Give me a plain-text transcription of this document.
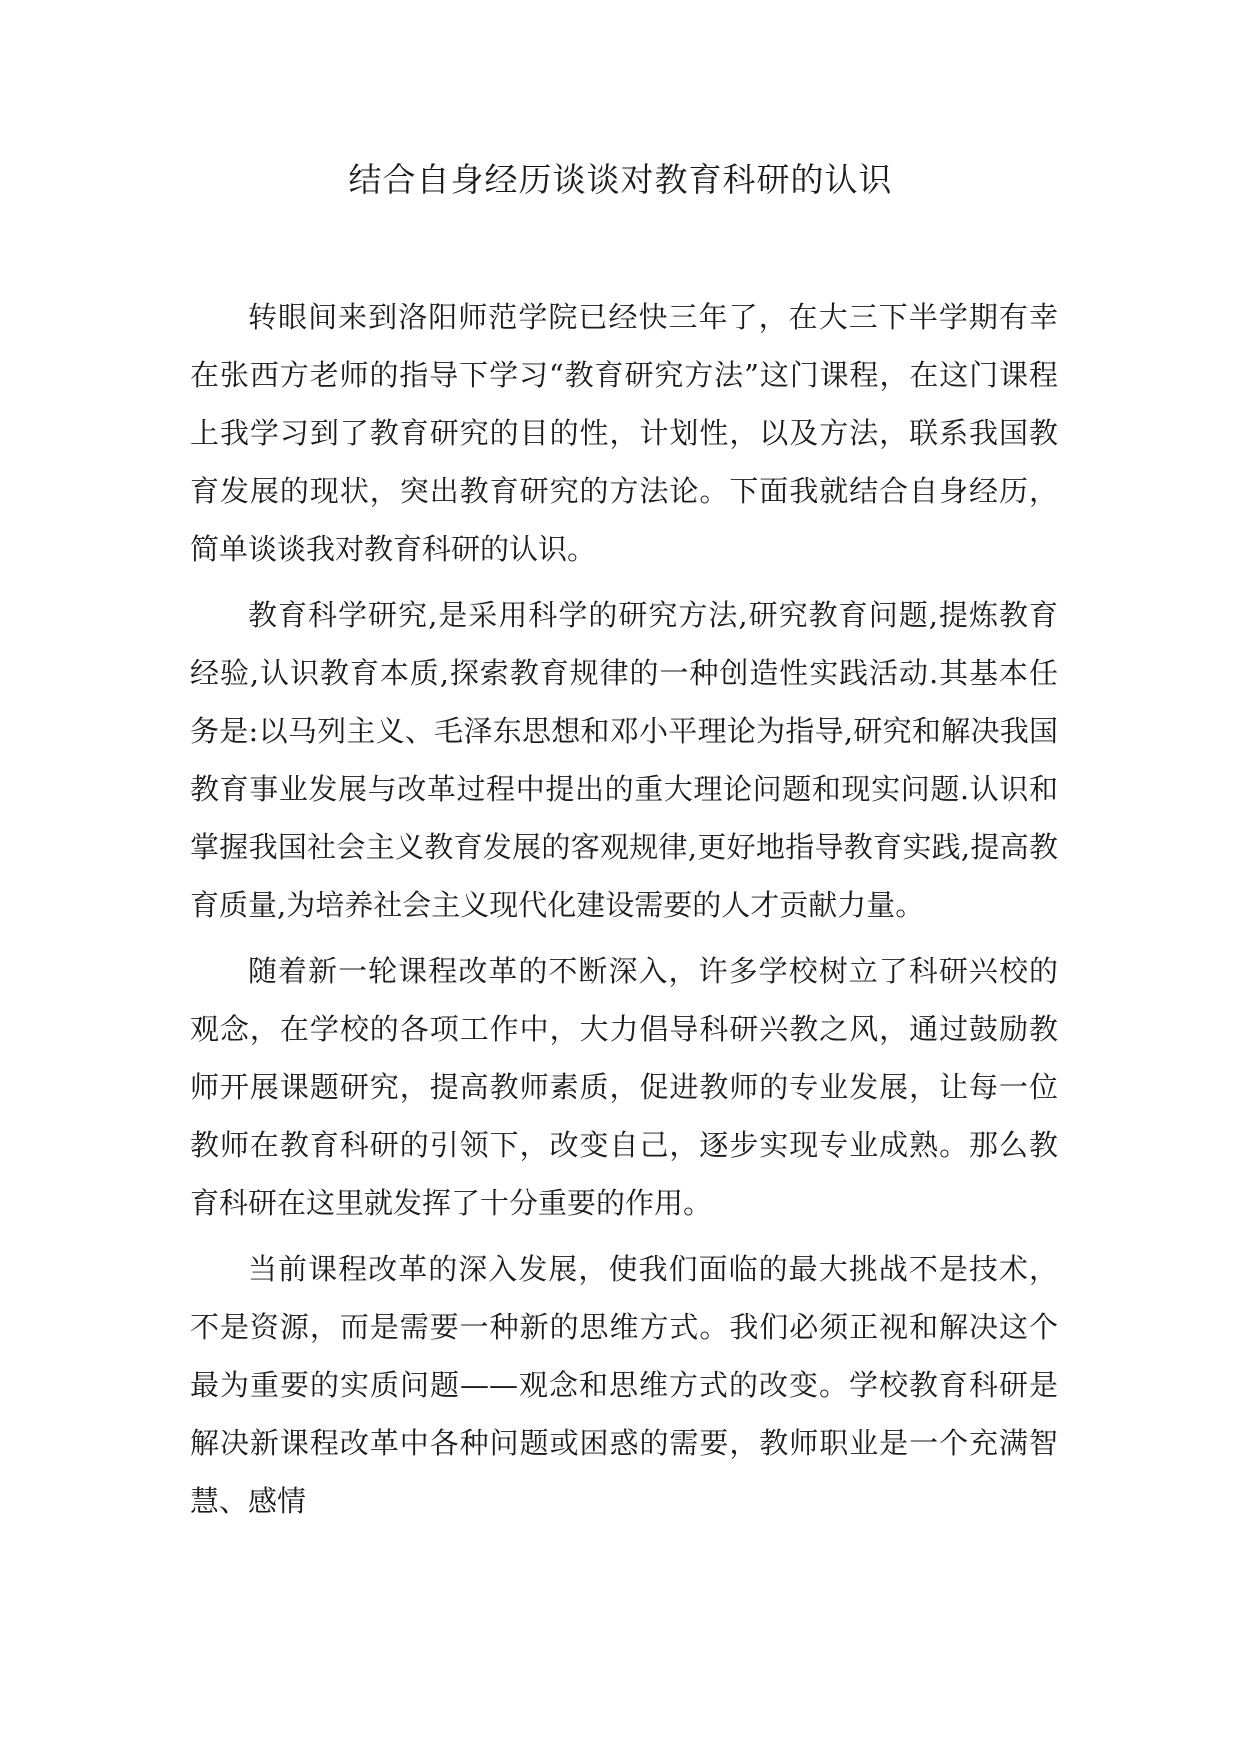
结合自身经历谈谈对教育科研的认识

转眼间来到洛阳师范学院已经快三年了，在大三下半学期有幸在张西方老师的指导下学习“教育研究方法”这门课程，在这门课程上我学习到了教育研究的目的性，计划性，以及方法，联系我国教育发展的现状，突出教育研究的方法论。下面我就结合自身经历，简单谈谈我对教育科研的认识。

教育科学研究,是采用科学的研究方法,研究教育问题,提炼教育经验,认识教育本质,探索教育规律的一种创造性实践活动.其基本任务是:以马列主义、毛泽东思想和邓小平理论为指导,研究和解决我国教育事业发展与改革过程中提出的重大理论问题和现实问题.认识和掌握我国社会主义教育发展的客观规律,更好地指导教育实践,提高教育质量,为培养社会主义现代化建设需要的人才贡献力量。

随着新一轮课程改革的不断深入，许多学校树立了科研兴校的观念，在学校的各项工作中，大力倡导科研兴教之风，通过鼓励教师开展课题研究，提高教师素质，促进教师的专业发展，让每一位教师在教育科研的引领下，改变自己，逐步实现专业成熟。那么教育科研在这里就发挥了十分重要的作用。

当前课程改革的深入发展，使我们面临的最大挑战不是技术，不是资源，而是需要一种新的思维方式。我们必须正视和解决这个最为重要的实质问题——观念和思维方式的改变。学校教育科研是解决新课程改革中各种问题或困惑的需要，教师职业是一个充满智慧、感情
